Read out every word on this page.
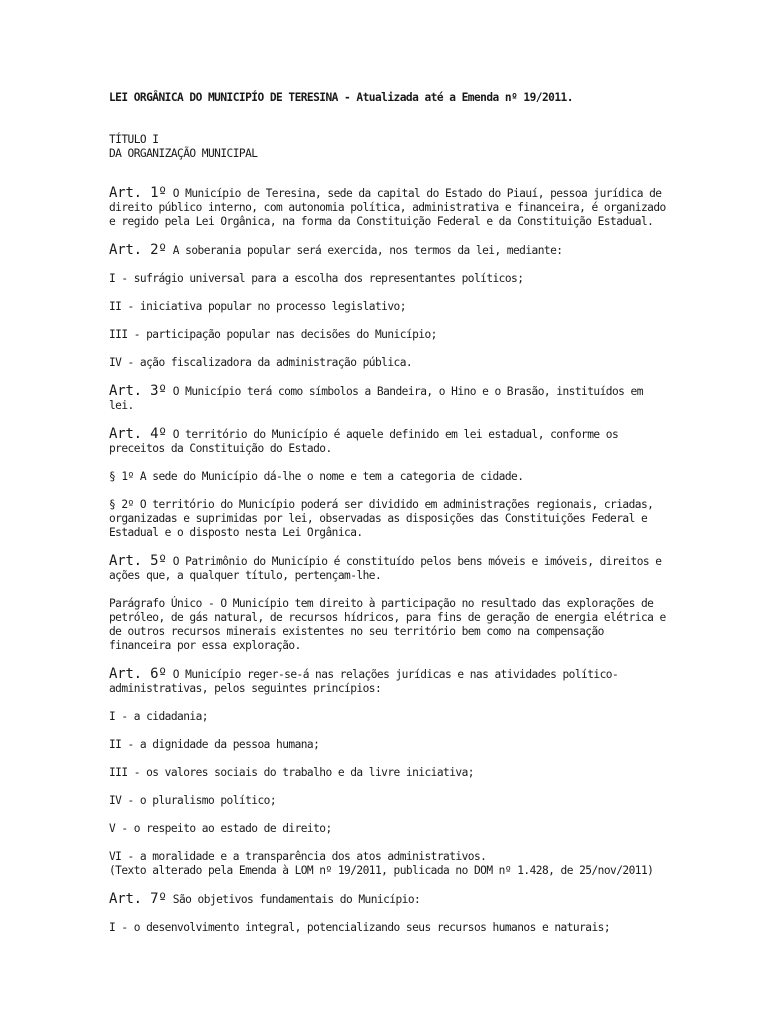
LEI ORGÂNICA DO MUNICIPÍO DE TERESINA - Atualizada até a Emenda nº 19/2011.
TÍTULO I
DA ORGANIZAÇÃO MUNICIPAL

Art. 1º O Município de Teresina, sede da capital do Estado do Piauí, pessoa jurídica de direito público interno, com autonomia política, administrativa e financeira, é organizado e regido pela Lei Orgânica, na forma da Constituição Federal e da Constituição Estadual.

Art. 2º A soberania popular será exercida, nos termos da lei, mediante:

I - sufrágio universal para a escolha dos representantes políticos;

II - iniciativa popular no processo legislativo;

III - participação popular nas decisões do Município;

IV - ação fiscalizadora da administração pública.

Art. 3º O Município terá como símbolos a Bandeira, o Hino e o Brasão, instituídos em lei.

Art. 4º O território do Município é aquele definido em lei estadual, conforme os preceitos da Constituição do Estado.

§ 1º A sede do Município dá-lhe o nome e tem a categoria de cidade.

§ 2º O território do Município poderá ser dividido em administrações regionais, criadas, organizadas e suprimidas por lei, observadas as disposições das Constituições Federal e Estadual e o disposto nesta Lei Orgânica.

Art. 5º O Patrimônio do Município é constituído pelos bens móveis e imóveis, direitos e ações que, a qualquer título, pertençam-lhe.

Parágrafo Único - O Município tem direito à participação no resultado das explorações de petróleo, de gás natural, de recursos hídricos, para fins de geração de energia elétrica e de outros recursos minerais existentes no seu território bem como na compensação financeira por essa exploração.

Art. 6º O Município reger-se-á nas relações jurídicas e nas atividades político-administrativas, pelos seguintes princípios:

I - a cidadania;

II - a dignidade da pessoa humana;

III - os valores sociais do trabalho e da livre iniciativa;

IV - o pluralismo político;

V - o respeito ao estado de direito;

VI - a moralidade e a transparência dos atos administrativos.
(Texto alterado pela Emenda à LOM nº 19/2011, publicada no DOM nº 1.428, de 25/nov/2011)

Art. 7º São objetivos fundamentais do Município:

I - o desenvolvimento integral, potencializando seus recursos humanos e naturais;
